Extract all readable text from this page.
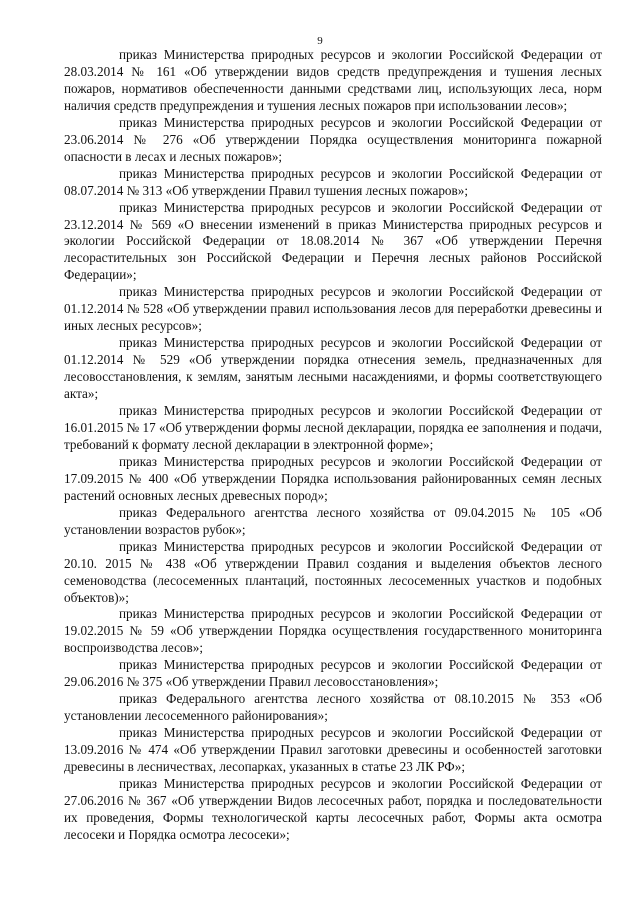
9

приказ Министерства природных ресурсов и экологии Российской Федерации от 28.03.2014 № 161 «Об утверждении видов средств предупреждения и тушения лесных пожаров, нормативов обеспеченности данными средствами лиц, использующих леса, норм наличия средств предупреждения и тушения лесных пожаров при использовании лесов»;

приказ Министерства природных ресурсов и экологии Российской Федерации от 23.06.2014 № 276 «Об утверждении Порядка осуществления мониторинга пожарной опасности в лесах и лесных пожаров»;

приказ Министерства природных ресурсов и экологии Российской Федерации от 08.07.2014 № 313 «Об утверждении Правил тушения лесных пожаров»;

приказ Министерства природных ресурсов и экологии Российской Федерации от 23.12.2014 № 569 «О внесении изменений в приказ Министерства природных ресурсов и экологии Российской Федерации от 18.08.2014 № 367 «Об утверждении Перечня лесорастительных зон Российской Федерации и Перечня лесных районов Российской Федерации»;

приказ Министерства природных ресурсов и экологии Российской Федерации от 01.12.2014 № 528 «Об утверждении правил использования лесов для переработки древесины и иных лесных ресурсов»;

приказ Министерства природных ресурсов и экологии Российской Федерации от 01.12.2014 № 529 «Об утверждении порядка отнесения земель, предназначенных для лесовосстановления, к землям, занятым лесными насаждениями, и формы соответствующего акта»;

приказ Министерства природных ресурсов и экологии Российской Федерации от 16.01.2015 № 17 «Об утверждении формы лесной декларации, порядка ее заполнения и подачи, требований к формату лесной декларации в электронной форме»;

приказ Министерства природных ресурсов и экологии Российской Федерации от 17.09.2015 № 400 «Об утверждении Порядка использования районированных семян лесных растений основных лесных древесных пород»;

приказ Федерального агентства лесного хозяйства от 09.04.2015 № 105 «Об установлении возрастов рубок»;

приказ Министерства природных ресурсов и экологии Российской Федерации от 20.10. 2015 № 438 «Об утверждении Правил создания и выделения объектов лесного семеноводства (лесосеменных плантаций, постоянных лесосеменных участков и подобных объектов)»;

приказ Министерства природных ресурсов и экологии Российской Федерации от 19.02.2015 № 59 «Об утверждении Порядка осуществления государственного мониторинга воспроизводства лесов»;

приказ Министерства природных ресурсов и экологии Российской Федерации от 29.06.2016 № 375 «Об утверждении Правил лесовосстановления»;

приказ Федерального агентства лесного хозяйства от 08.10.2015 № 353 «Об установлении лесосеменного районирования»;

приказ Министерства природных ресурсов и экологии Российской Федерации от 13.09.2016 № 474 «Об утверждении Правил заготовки древесины и особенностей заготовки древесины в лесничествах, лесопарках, указанных в статье 23 ЛК РФ»;

приказ Министерства природных ресурсов и экологии Российской Федерации от 27.06.2016 № 367 «Об утверждении Видов лесосечных работ, порядка и последовательности их проведения, Формы технологической карты лесосечных работ, Формы акта осмотра лесосеки и Порядка осмотра лесосеки»;
